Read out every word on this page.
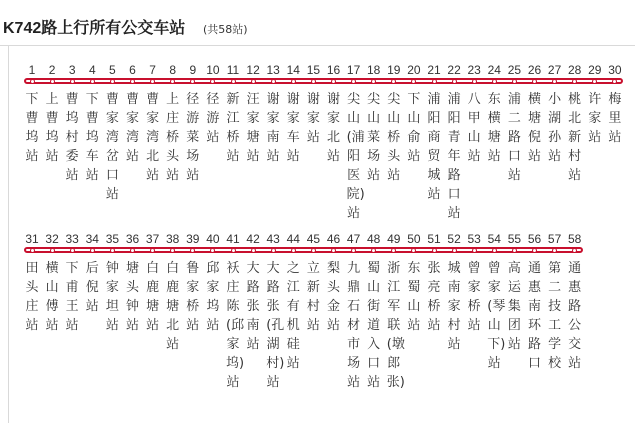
K742路上行所有公交车站 (共58站)
1
下曹坞站
2
上曹坞站
3
曹坞村委站
4
下曹坞车站
5
曹家湾岔口站
6
曹家湾站
7
曹家湾北站
8
上庄桥头站
9
径游菜场站
10
径游站
11
新江桥站
12
汪家塘站
13
谢家南站
14
谢家车站
15
谢家站
16
谢家北站
17
尖山(浦阳医院)站
18
尖山菜场站
19
尖山桥头站
20
下山俞站
21
浦阳商贸城站
22
浦阳青年路口站
23
八甲山站
24
东横塘站
25
浦二路口站
26
横塘倪站
27
小湖孙站
28
桃北新村站
29
许家站
30
梅里站
31
田头庄站
32
横山傅站
33
下甫王站
34
后倪站
35
钟家坦站
36
塘头钟站
37
白鹿塘站
38
白鹿塘北站
39
鲁家桥站
40
邱家坞站
41
袄庄陈(邱家坞)站
42
大路张南站
43
大路张(孔湖村)站
44
之江有机硅站
45
立新村站
46
梨头金站
47
九鼎石材市场站
48
蜀山街道入口站
49
浙江军联(墩郎张)
50
东蜀山站
51
张亮桥站
52
城南家村站
53
曾家桥站
54
曾家(琴山下)站
55
高运集团站
56
通惠南环路口
57
第二技工学校
58
通惠路公交站
